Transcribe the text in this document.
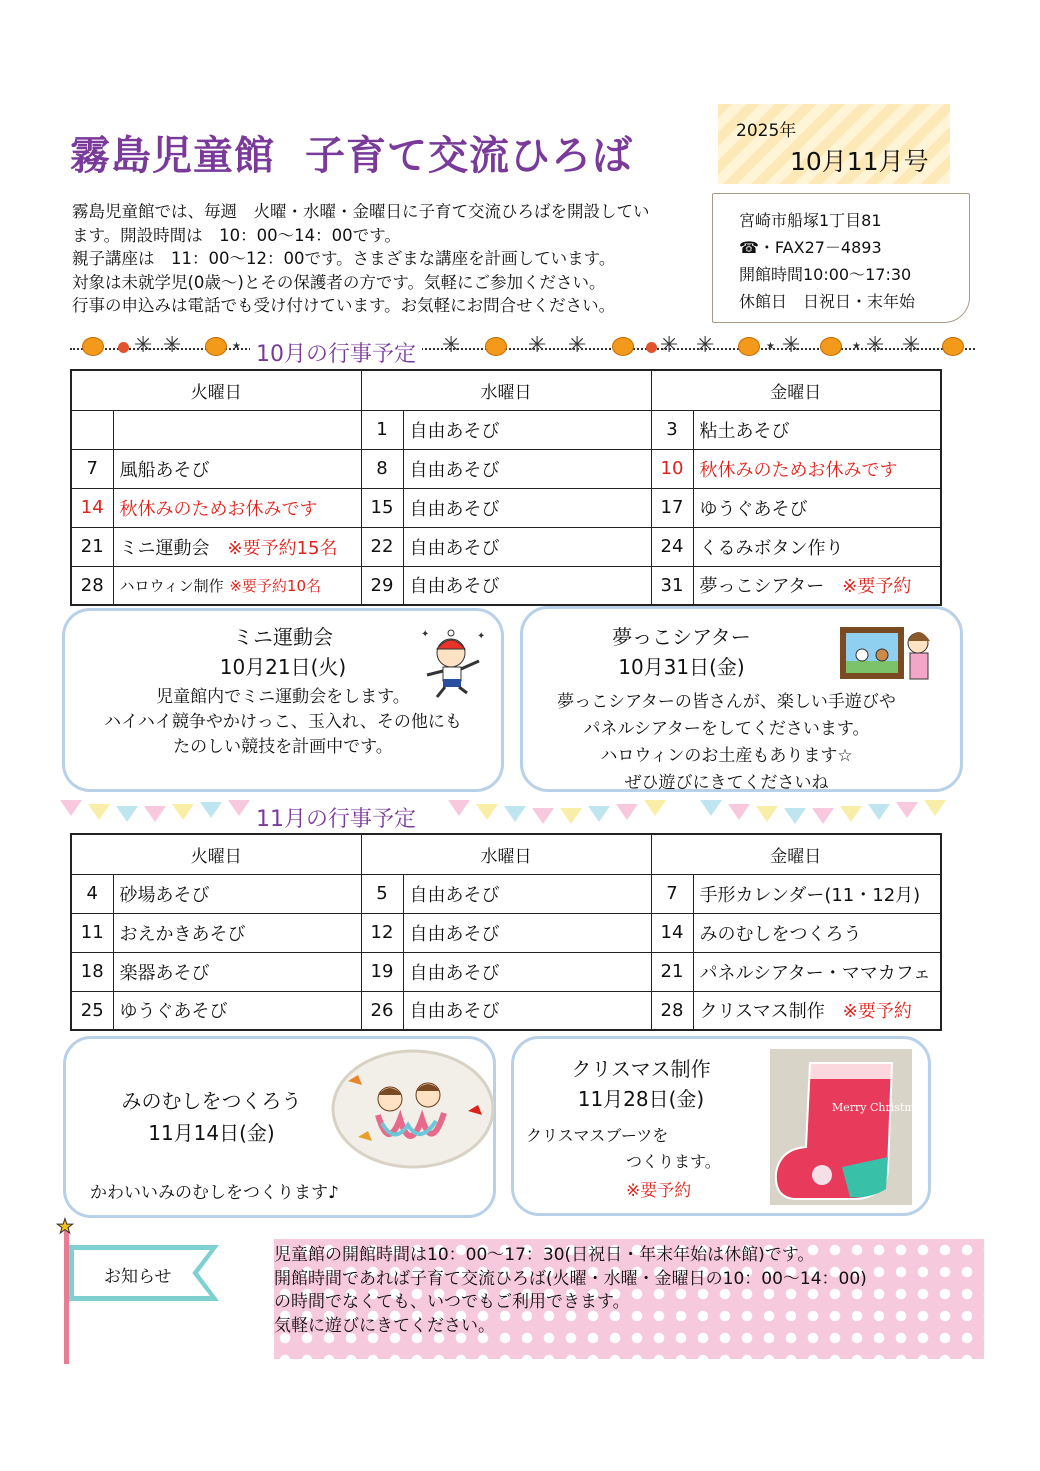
霧島児童館 子育て交流ひろば
2025年
10月11月号
宮崎市船塚1丁目81
☎・FAX27－4893
開館時間10:00～17:30
休館日　日祝日・末年始

霧島児童館では、毎週　火曜・水曜・金曜日に子育て交流ひろばを開設してい

ます。開設時間は　10：00～14：00です。

親子講座は　11：00～12：00です。さまざまな講座を計画しています。

対象は未就学児(0歳～)とその保護者の方です。気軽にご参加ください。

行事の申込みは電話でも受け付けています。お気軽にお問合せください。

✳ ✳	★	✳	✳ ✳	✳ ✳	★ ✳	★ ✳ ✳
10月の行事予定
火曜日		水曜日		金曜日	
		1	自由あそび	3	粘土あそび
7	風船あそび	8	自由あそび	10	秋休みのためお休みです
14	秋休みのためお休みです	15	自由あそび	17	ゆうぐあそび
21	ミニ運動会　 ※要予約15名	22	自由あそび	24	くるみボタン作り
28	ハロウィン制作 ※要予約10名	29	自由あそび	31	夢っこシアター　 ※要予約
ミニ運動会
10月21日(火)
児童館内でミニ運動会をします。
ハイハイ競争やかけっこ、玉入れ、その他にも
たのしい競技を計画中です。
✦	✦	夢っこシアター
10月31日(金)
夢っこシアターの皆さんが、楽しい手遊びや
パネルシアターをしてくださいます。
ハロウィンのお土産もあります☆
ぜひ遊びにきてくださいね
11月の行事予定
火曜日		水曜日		金曜日	
4	砂場あそび	5	自由あそび	7	手形カレンダー(11・12月)
11	おえかきあそび	12	自由あそび	14	みのむしをつくろう
18	楽器あそび	19	自由あそび	21	パネルシアター・ママカフェ
25	ゆうぐあそび	26	自由あそび	28	クリスマス制作　 ※要予約
みのむしをつくろう
11月14日(金)
かわいいみのむしをつくります♪
クリスマス制作
11月28日(金)
クリスマスブーツを
つくります。
※要予約
Merry Christmas
児童館の開館時間は10：00～17：30(日祝日・年末年始は休館)です。
開館時間であれば子育て交流ひろば(火曜・水曜・金曜日の10：00～14：00)
の時間でなくても、いつでもご利用できます。
気軽に遊びにきてください。
★
お知らせ
